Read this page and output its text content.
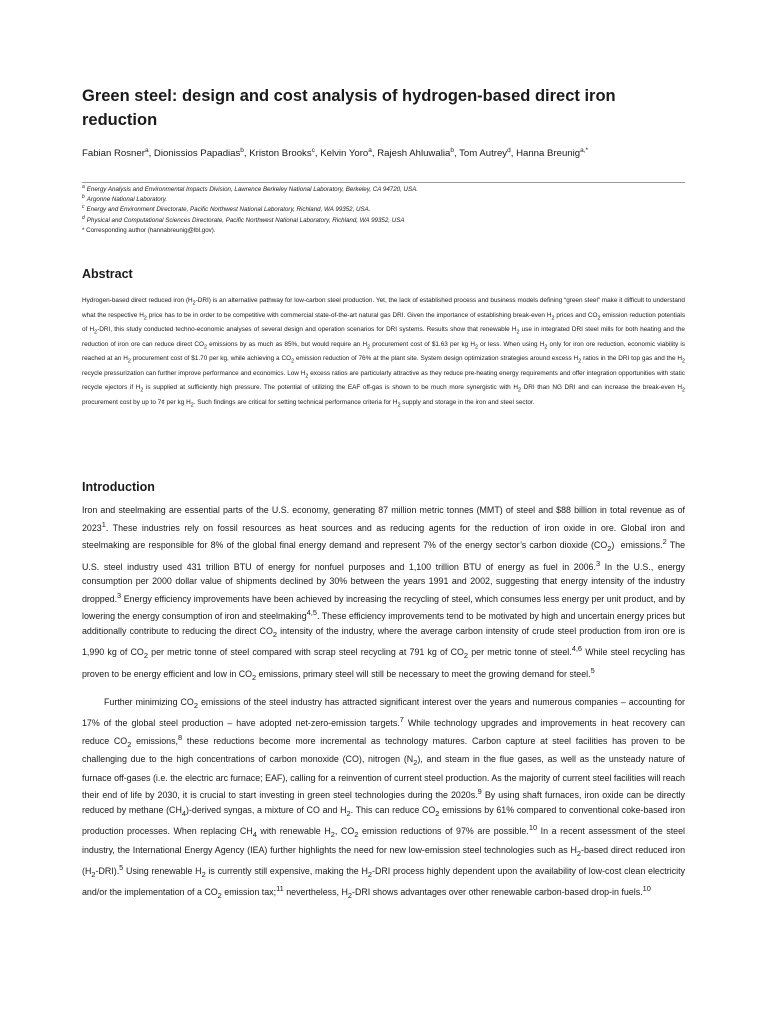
Green steel: design and cost analysis of hydrogen-based direct iron reduction
Fabian Rosner$^a$, Dionissios Papadias$^b$, Kriston Brooks$^c$, Kelvin Yoro$^a$, Rajesh Ahluwalia$^b$, Tom Autrey$^d$, Hanna Breunig$^{a,*}$
$^a$ Energy Analysis and Environmental Impacts Division, Lawrence Berkeley National Laboratory, Berkeley, CA 94720, USA.
$^b$ Argonne National Laboratory.
$^c$ Energy and Environment Directorate, Pacific Northwest National Laboratory, Richland, WA 99352, USA.
$^d$ Physical and Computational Sciences Directorate, Pacific Northwest National Laboratory, Richland, WA 99352, USA
* Corresponding author (hannabreunig@lbl.gov).
Abstract
Hydrogen-based direct reduced iron $(H_2-DRI)$ is an alternative pathway for low-carbon steel production. Yet, the lack of established process and business models defining “green steel” make it difficult to understand what the respective $H_2$ price has to be in order to be competitive with commercial state-of-the-art natural gas DRI. Given the importance of establishing break-even $H_2$ prices and $CO_2$ emission reduction potentials of $H_2$-DRI, this study conducted techno-economic analyses of several design and operation scenarios for DRI systems. Results show that renewable $H_2$ use in integrated DRI steel mills for both heating and the reduction of iron ore can reduce direct $CO_2$ emissions by as much as 85%, but would require an $H_2$ procurement cost of $1.63 per kg $H_2$ or less. When using $H_2$ only for iron ore reduction, economic viability is reached at an $H_2$ procurement cost of $1.70 per kg, while achieving a $CO_2$ emission reduction of 76% at the plant site. System design optimization strategies around excess $H_2$ ratios in the DRI top gas and the $H_2$ recycle pressurization can further improve performance and economics. Low $H_2$ excess ratios are particularly attractive as they reduce pre-heating energy requirements and offer integration opportunities with static recycle ejectors if $H_2$ is supplied at sufficiently high pressure. The potential of utilizing the EAF off-gas is shown to be much more synergistic with $H_2$ DRI than NG DRI and can increase the break-even $H_2$ procurement cost by up to 7¢ per kg $H_2$. Such findings are critical for setting technical performance criteria for $H_2$ supply and storage in the iron and steel sector.
Introduction
Iron and steelmaking are essential parts of the U.S. economy, generating 87 million metric tonnes (MMT) of steel and $88 billion in total revenue as of 2023$^1$. These industries rely on fossil resources as heat sources and as reducing agents for the reduction of iron oxide in ore. Global iron and steelmaking are responsible for 8% of the global final energy demand and represent 7% of the energy sector’s carbon dioxide $(CO_2)$  emissions.$^2$ The U.S. steel industry used 431 trillion BTU of energy for nonfuel purposes and 1,100 trillion BTU of energy as fuel in 2006.$^3$ In the U.S., energy consumption per 2000 dollar value of shipments declined by 30% between the years 1991 and 2002, suggesting that energy intensity of the industry dropped.$^3$ Energy efficiency improvements have been achieved by increasing the recycling of steel, which consumes less energy per unit product, and by lowering the energy consumption of iron and steelmaking$^{4,5}$. These efficiency improvements tend to be motivated by high and uncertain energy prices but additionally contribute to reducing the direct $CO_2$ intensity of the industry, where the average carbon intensity of crude steel production from iron ore is 1,990 kg of $CO_2$ per metric tonne of steel compared with scrap steel recycling at 791 kg of $CO_2$ per metric tonne of steel.$^{4,6}$ While steel recycling has proven to be energy efficient and low in $CO_2$ emissions, primary steel will still be necessary to meet the growing demand for steel.$^5$
Further minimizing $CO_2$ emissions of the steel industry has attracted significant interest over the years and numerous companies – accounting for 17% of the global steel production – have adopted net-zero-emission targets.$^7$ While technology upgrades and improvements in heat recovery can reduce $CO_2$ emissions,$^8$ these reductions become more incremental as technology matures. Carbon capture at steel facilities has proven to be challenging due to the high concentrations of carbon monoxide (CO), nitrogen $(N_2)$, and steam in the flue gases, as well as the unsteady nature of furnace off-gases (i.e. the electric arc furnace; EAF), calling for a reinvention of current steel production. As the majority of current steel facilities will reach their end of life by 2030, it is crucial to start investing in green steel technologies during the 2020s.$^9$ By using shaft furnaces, iron oxide can be directly reduced by methane $(CH_4)$-derived syngas, a mixture of CO and $H_2$. This can reduce $CO_2$ emissions by 61% compared to conventional coke-based iron production processes. When replacing $CH_4$ with renewable $H_2$, $CO_2$ emission reductions of 97% are possible.$^{10}$ In a recent assessment of the steel industry, the International Energy Agency (IEA) further highlights the need for new low-emission steel technologies such as $H_2$-based direct reduced iron $(H_2-DRI).^5$ Using renewable $H_2$ is currently still expensive, making the $H_2$-DRI process highly dependent upon the availability of low-cost clean electricity and/or the implementation of a $CO_2$ emission tax;$^{11}$ nevertheless, $H_2$-DRI shows advantages over other renewable carbon-based drop-in fuels.$^{10}$
